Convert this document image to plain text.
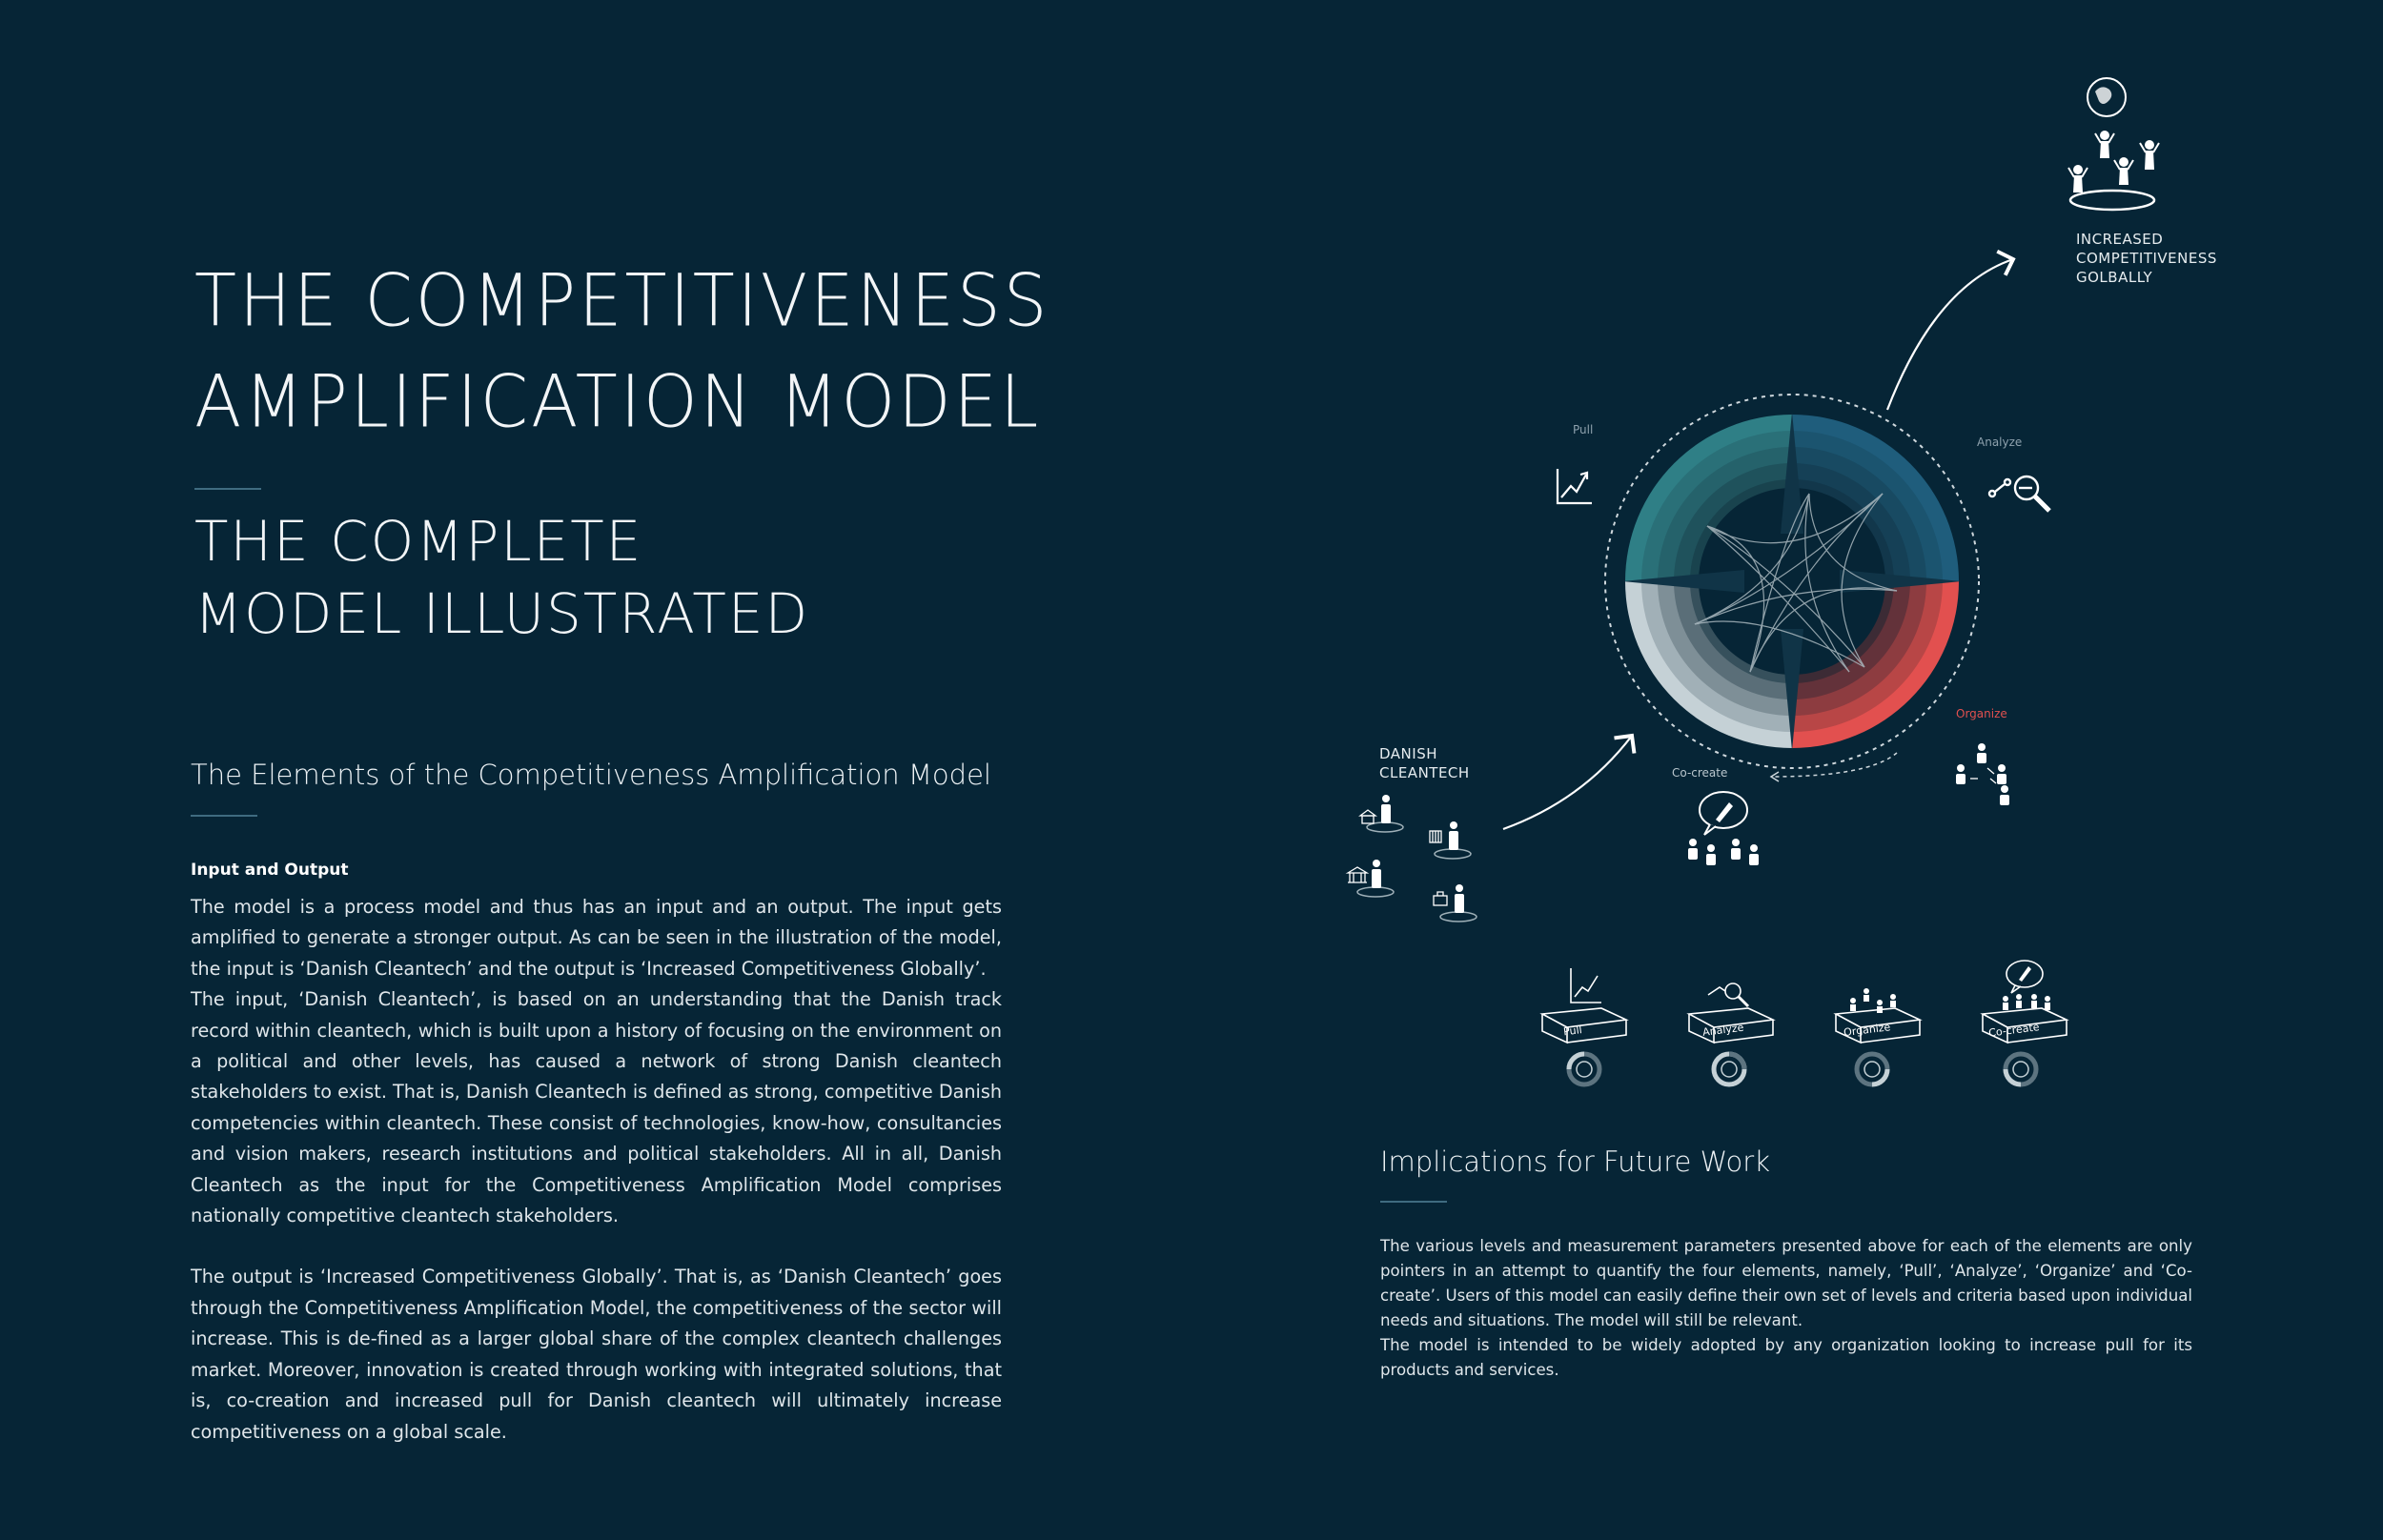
THE COMPETITIVENESS
AMPLIFICATION MODEL
THE COMPLETE
MODEL ILLUSTRATED
The Elements of the Competitiveness Amplification Model
Input and Output

The model is a process model and thus has an input and an output. The input gets amplified to generate a stronger output. As can be seen in the illustration of the model, the input is ‘Danish Cleantech’ and the output is ‘Increased Competitiveness Globally’.

The input, ‘Danish Cleantech’, is based on an understanding that the Danish track record within cleantech, which is built upon a history of focusing on the environment on a political and other levels, has caused a network of strong Danish cleantech stakeholders to exist. That is, Danish Cleantech is defined as strong, competitive Danish competencies within cleantech. These consist of technologies, know-how, consultancies and vision makers, research institutions and political stakeholders. All in all, Danish Cleantech as the input for the Competitiveness Amplification Model comprises nationally competitive cleantech stakeholders.

The output is ‘Increased Competitiveness Globally’. That is, as ‘Danish Cleantech’ goes through the Competitiveness Amplification Model, the competitiveness of the sector will increase. This is de-fined as a larger global share of the complex cleantech challenges market. Moreover, innovation is created through working with integrated solutions, that is, co-creation and increased pull for Danish cleantech will ultimately increase competitiveness on a global scale.

Pull
Analyze
Organize
Co-create
DANISH
CLEANTECH
INCREASED
COMPETITIVENESS
GOLBALLY
Pull	Analyze	Organize	Co-create
Implications for Future Work

The various levels and measurement parameters presented above for each of the elements are only pointers in an attempt to quantify the four elements, namely, ‘Pull’, ‘Analyze’, ‘Organize’ and ‘Co-create’. Users of this model can easily define their own set of levels and criteria based upon individual needs and situations. The model will still be relevant.

The model is intended to be widely adopted by any organization looking to increase pull for its products and services.
